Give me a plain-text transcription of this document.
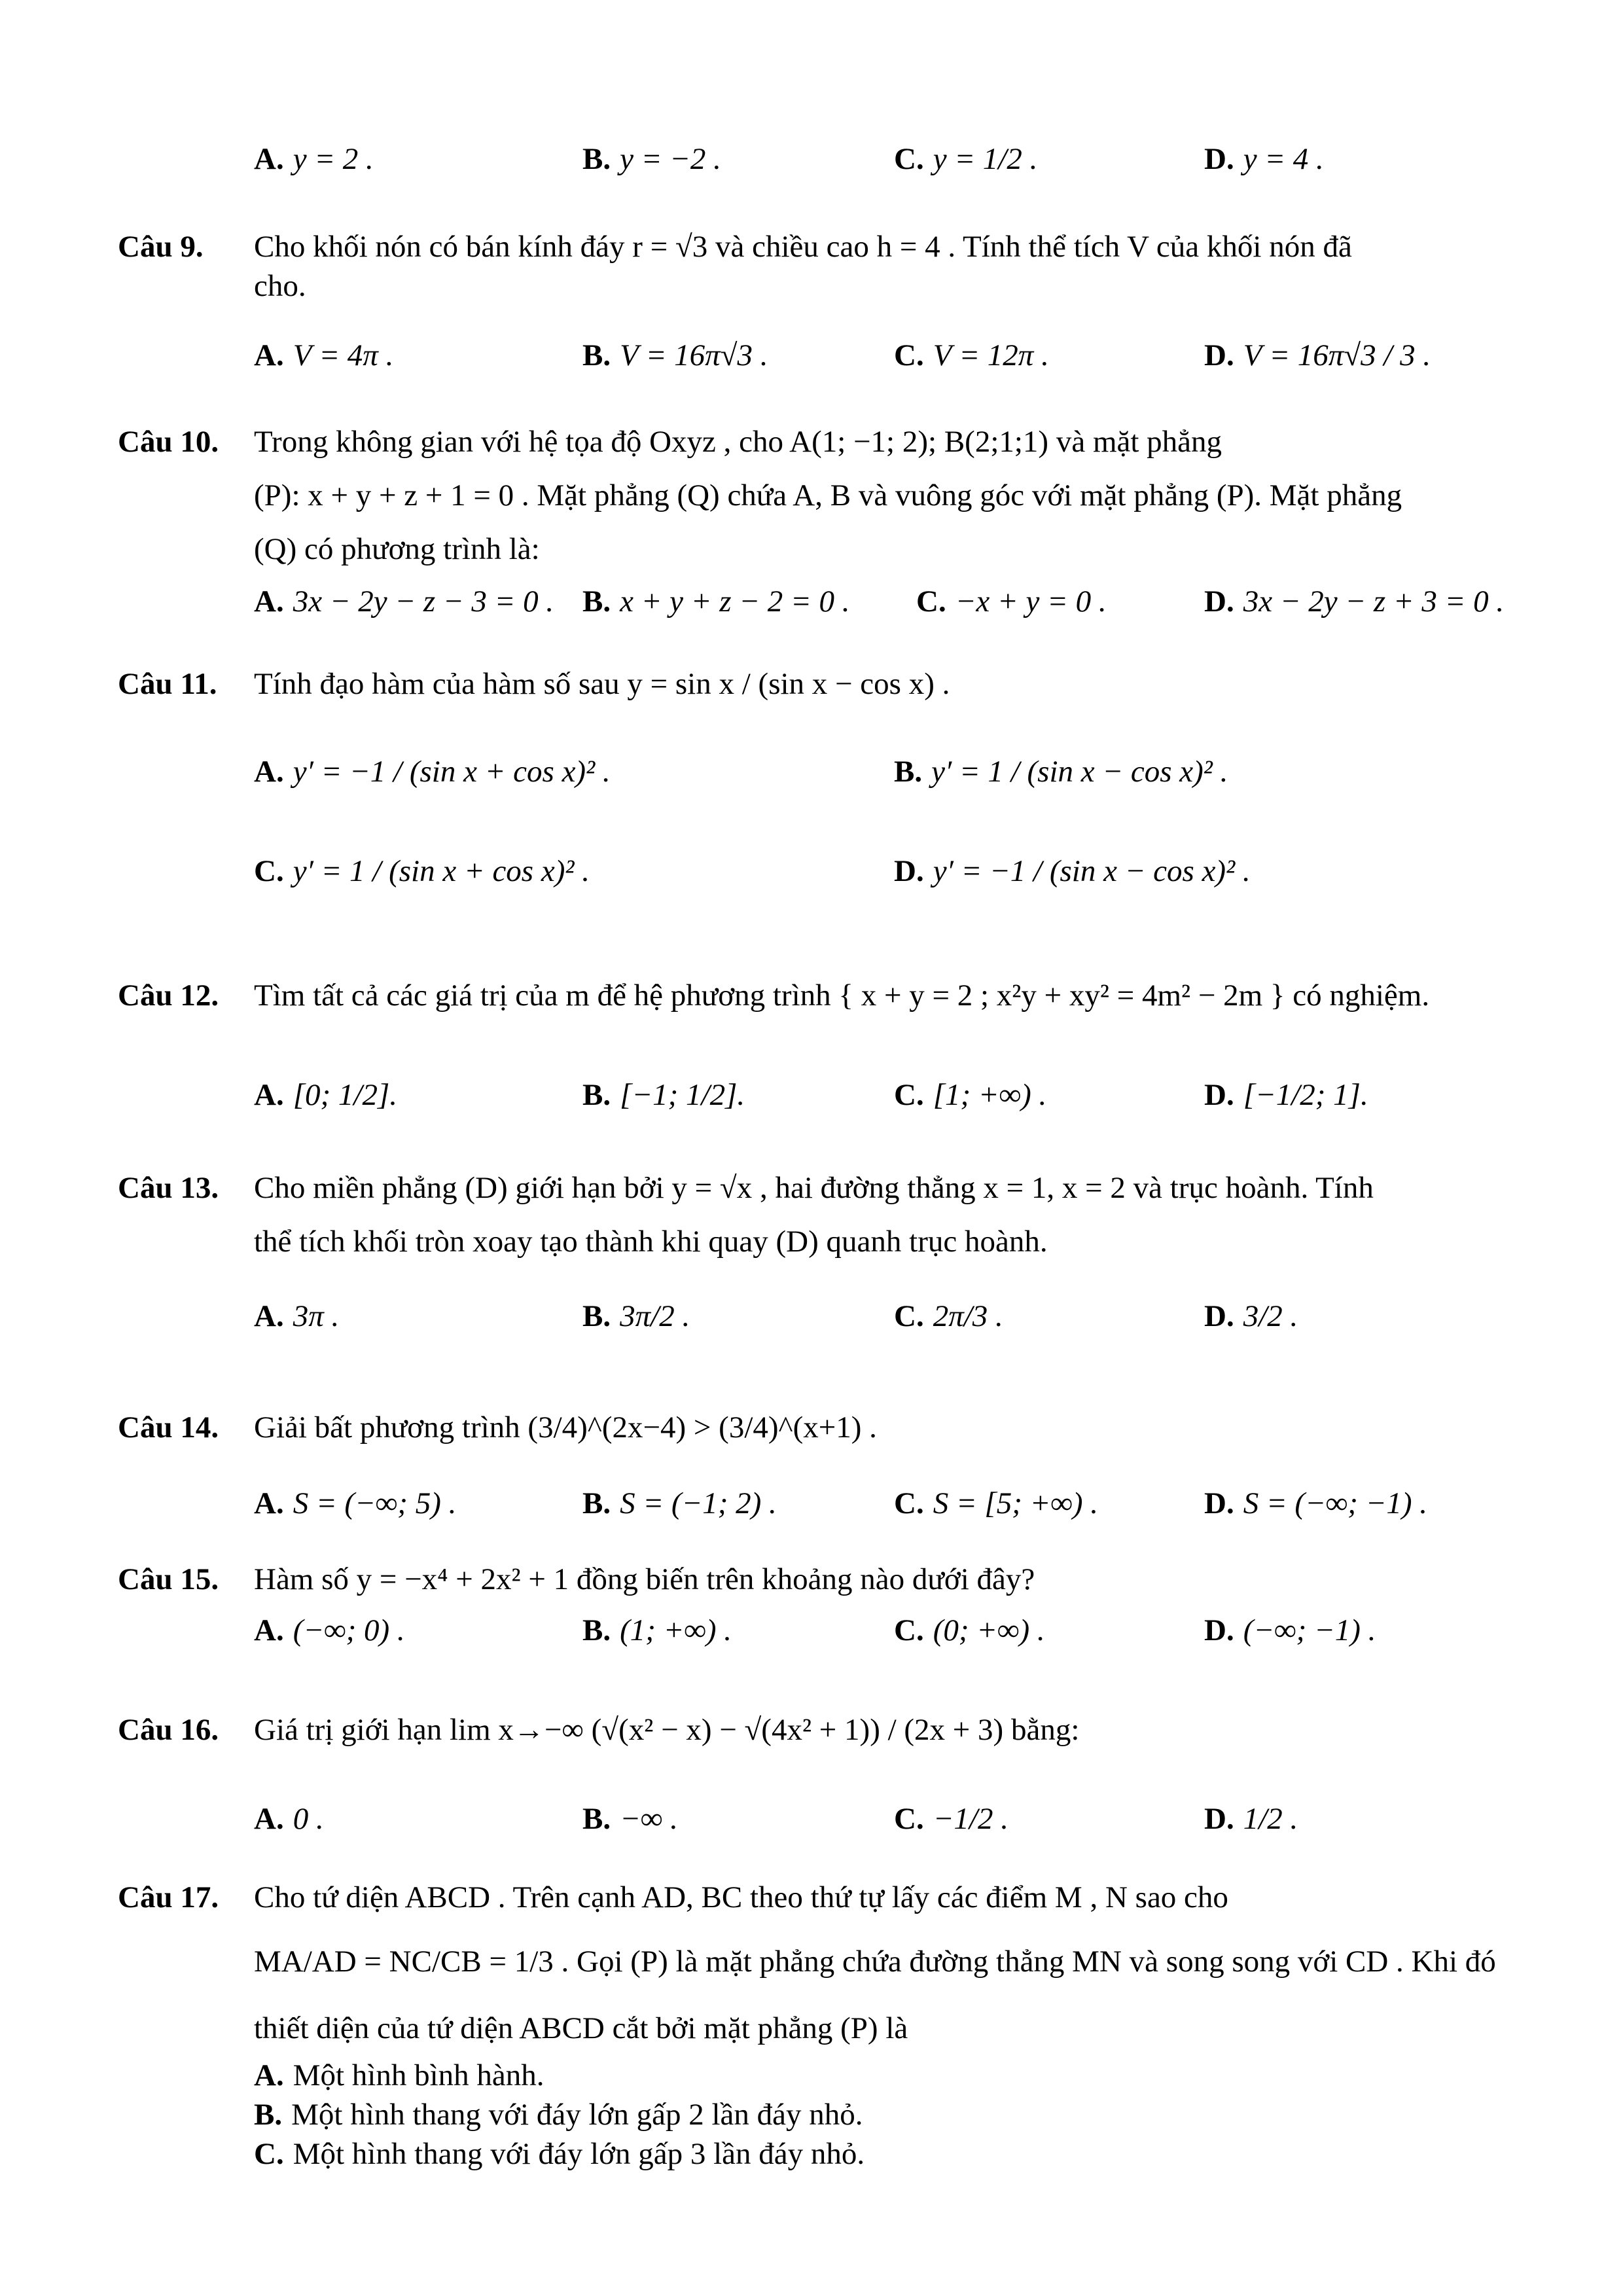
A. y = 2 .	B. y = −2 .	C. y = 1/2 .	D. y = 4 .
Câu 9. Cho khối nón có bán kính đáy r = √3 và chiều cao h = 4 . Tính thể tích V của khối nón đã
cho.
A. V = 4π .	B. V = 16π√3 .	C. V = 12π .	D. V = 16π√3 / 3 .
Câu 10. Trong không gian với hệ tọa độ Oxyz , cho A(1; −1; 2); B(2;1;1) và mặt phẳng
(P): x + y + z + 1 = 0 . Mặt phẳng (Q) chứa A, B và vuông góc với mặt phẳng (P). Mặt phẳng
(Q) có phương trình là:
A. 3x − 2y − z − 3 = 0 . B. x + y + z − 2 = 0 . C. −x + y = 0 .	D. 3x − 2y − z + 3 = 0 .
Câu 11. Tính đạo hàm của hàm số sau y = sin x / (sin x − cos x) .
A. y′ = −1 / (sin x + cos x)² .	B. y′ = 1 / (sin x − cos x)² .
C. y′ = 1 / (sin x + cos x)² .	D. y′ = −1 / (sin x − cos x)² .
Câu 12. Tìm tất cả các giá trị của m để hệ phương trình { x + y = 2 ; x²y + xy² = 4m² − 2m } có nghiệm.
A. [0; 1/2].	B. [−1; 1/2].	C. [1; +∞) .	D. [−1/2; 1].
Câu 13. Cho miền phẳng (D) giới hạn bởi y = √x , hai đường thẳng x = 1, x = 2 và trục hoành. Tính
thể tích khối tròn xoay tạo thành khi quay (D) quanh trục hoành.
A. 3π .	B. 3π/2 .	C. 2π/3 .	D. 3/2 .
Câu 14. Giải bất phương trình (3/4)^(2x−4) > (3/4)^(x+1) .
A. S = (−∞; 5) .	B. S = (−1; 2) .	C. S = [5; +∞) .	D. S = (−∞; −1) .
Câu 15. Hàm số y = −x⁴ + 2x² + 1 đồng biến trên khoảng nào dưới đây?
A. (−∞; 0) .	B. (1; +∞) .	C. (0; +∞) .	D. (−∞; −1) .
Câu 16. Giá trị giới hạn lim x→−∞ (√(x² − x) − √(4x² + 1)) / (2x + 3) bằng:
A. 0 .	B. −∞ .	C. −1/2 .	D. 1/2 .
Câu 17. Cho tứ diện ABCD . Trên cạnh AD, BC theo thứ tự lấy các điểm M , N sao cho
MA/AD = NC/CB = 1/3 . Gọi (P) là mặt phẳng chứa đường thẳng MN và song song với CD . Khi đó
thiết diện của tứ diện ABCD cắt bởi mặt phẳng (P) là
A. Một hình bình hành.
B. Một hình thang với đáy lớn gấp 2 lần đáy nhỏ.
C. Một hình thang với đáy lớn gấp 3 lần đáy nhỏ.
